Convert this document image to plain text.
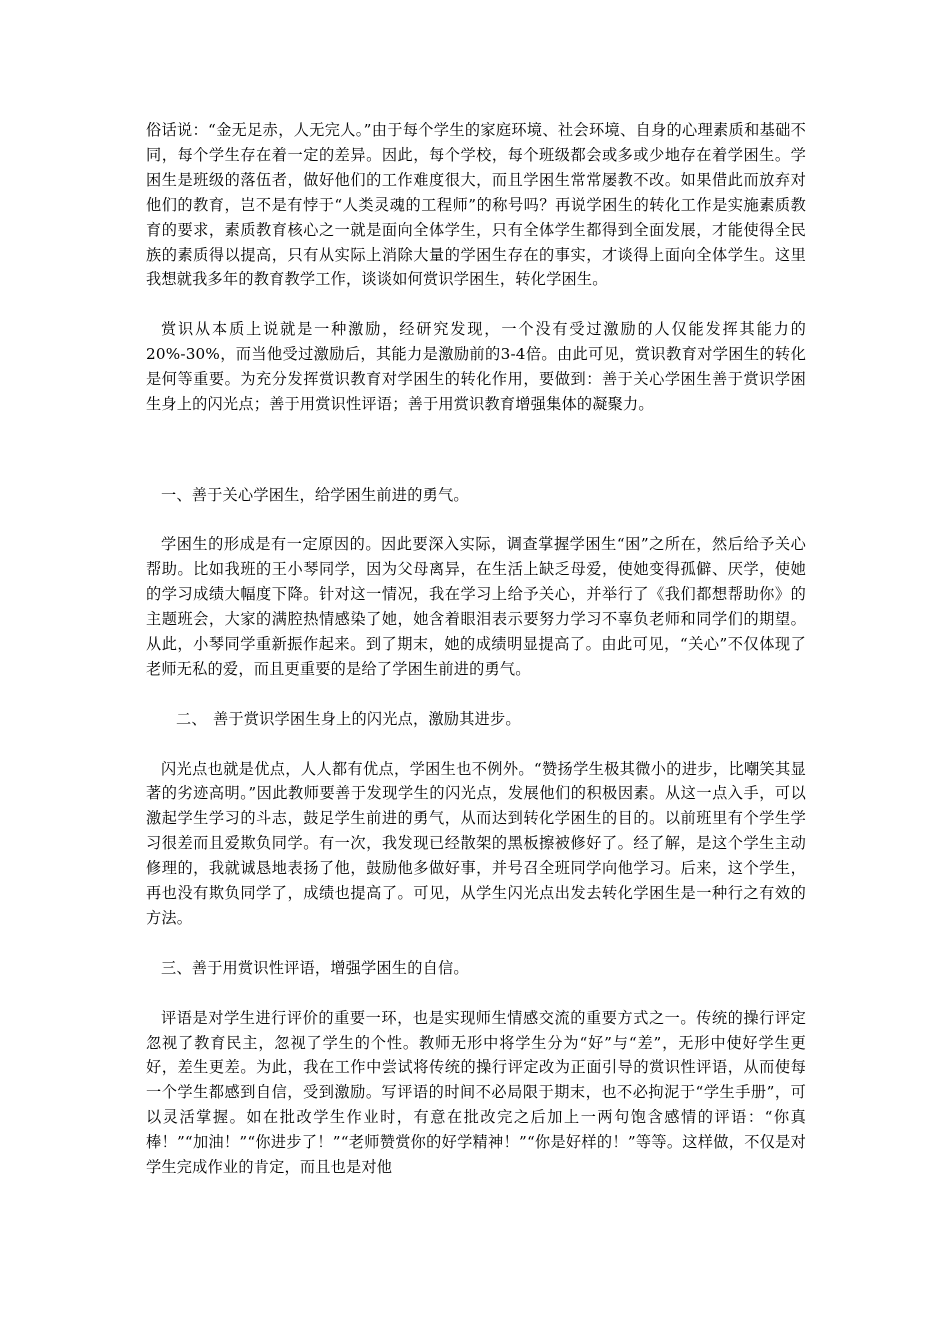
俗话说：“金无足赤，人无完人。”由于每个学生的家庭环境、社会环境、自身的心理素质和基础不同，每个学生存在着一定的差异。因此，每个学校，每个班级都会或多或少地存在着学困生。学困生是班级的落伍者，做好他们的工作难度很大，而且学困生常常屡教不改。如果借此而放弃对他们的教育，岂不是有悖于“人类灵魂的工程师”的称号吗？再说学困生的转化工作是实施素质教育的要求，素质教育核心之一就是面向全体学生，只有全体学生都得到全面发展，才能使得全民族的素质得以提高，只有从实际上消除大量的学困生存在的事实，才谈得上面向全体学生。这里我想就我多年的教育教学工作，谈谈如何赏识学困生，转化学困生。

赏识从本质上说就是一种激励，经研究发现，一个没有受过激励的人仅能发挥其能力的20%-30%，而当他受过激励后，其能力是激励前的3-4倍。由此可见，赏识教育对学困生的转化是何等重要。为充分发挥赏识教育对学困生的转化作用，要做到：善于关心学困生善于赏识学困生身上的闪光点；善于用赏识性评语；善于用赏识教育增强集体的凝聚力。

一、善于关心学困生，给学困生前进的勇气。

学困生的形成是有一定原因的。因此要深入实际，调查掌握学困生“困”之所在，然后给予关心帮助。比如我班的王小琴同学，因为父母离异，在生活上缺乏母爱，使她变得孤僻、厌学，使她的学习成绩大幅度下降。针对这一情况，我在学习上给予关心，并举行了《我们都想帮助你》的主题班会，大家的满腔热情感染了她，她含着眼泪表示要努力学习不辜负老师和同学们的期望。从此，小琴同学重新振作起来。到了期末，她的成绩明显提高了。由此可见，“关心”不仅体现了老师无私的爱，而且更重要的是给了学困生前进的勇气。

二、 善于赏识学困生身上的闪光点，激励其进步。

闪光点也就是优点，人人都有优点，学困生也不例外。“赞扬学生极其微小的进步，比嘲笑其显著的劣迹高明。”因此教师要善于发现学生的闪光点，发展他们的积极因素。从这一点入手，可以激起学生学习的斗志，鼓足学生前进的勇气，从而达到转化学困生的目的。以前班里有个学生学习很差而且爱欺负同学。有一次，我发现已经散架的黑板擦被修好了。经了解，是这个学生主动修理的，我就诚恳地表扬了他，鼓励他多做好事，并号召全班同学向他学习。后来，这个学生，再也没有欺负同学了，成绩也提高了。可见，从学生闪光点出发去转化学困生是一种行之有效的方法。

三、善于用赏识性评语，增强学困生的自信。

评语是对学生进行评价的重要一环，也是实现师生情感交流的重要方式之一。传统的操行评定忽视了教育民主，忽视了学生的个性。教师无形中将学生分为“好”与“差”，无形中使好学生更好，差生更差。为此，我在工作中尝试将传统的操行评定改为正面引导的赏识性评语，从而使每一个学生都感到自信，受到激励。写评语的时间不必局限于期末，也不必拘泥于“学生手册”，可以灵活掌握。如在批改学生作业时，有意在批改完之后加上一两句饱含感情的评语：“你真棒！”“加油！”“你进步了！”“老师赞赏你的好学精神！”“你是好样的！”等等。这样做，不仅是对学生完成作业的肯定，而且也是对他
